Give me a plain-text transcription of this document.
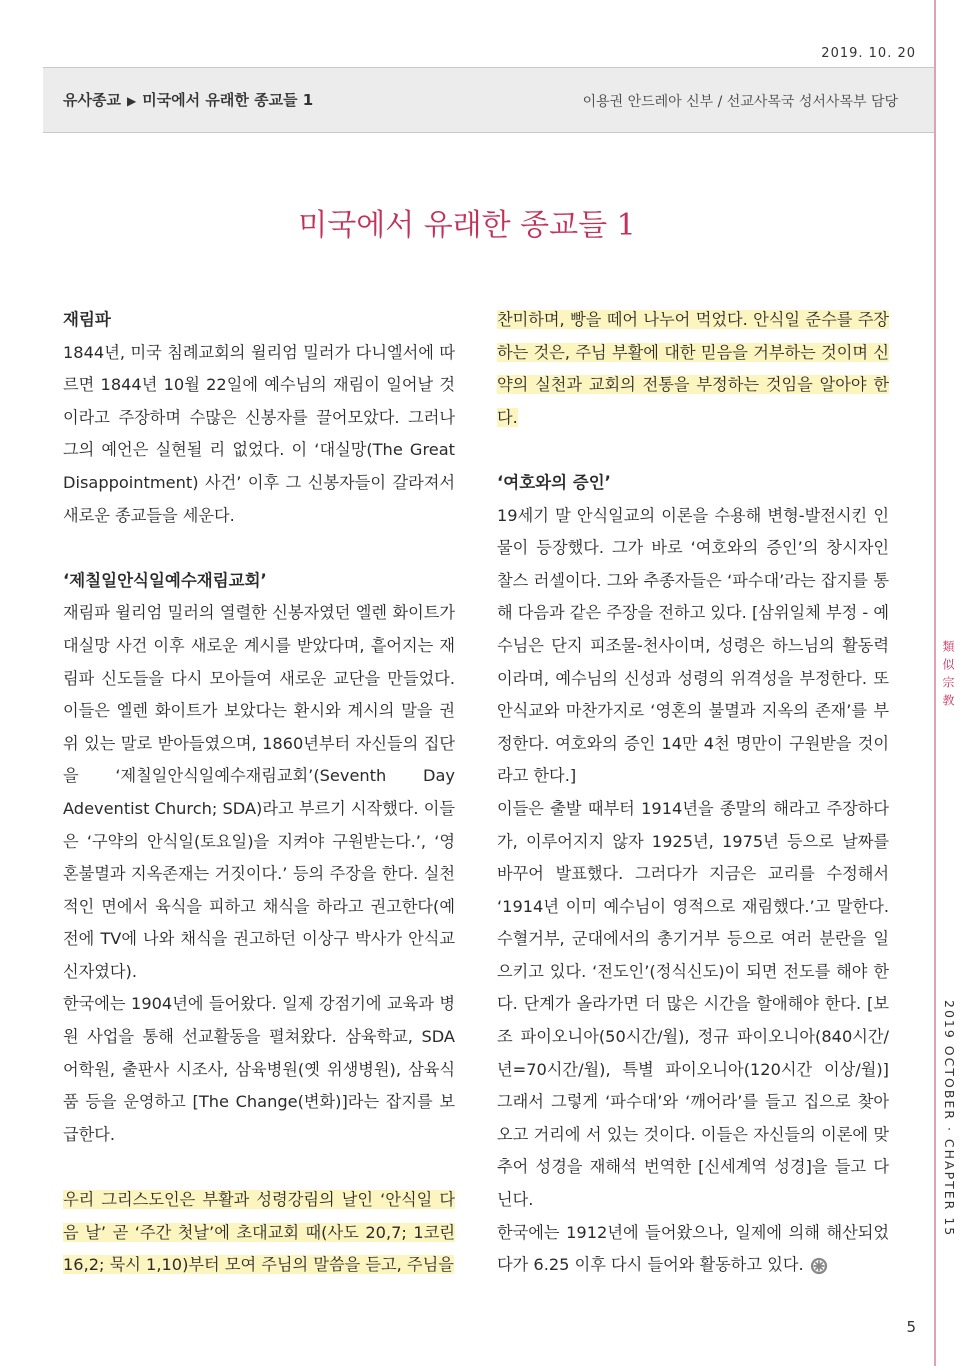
2019. 10. 20
유사종교 ▶ 미국에서 유래한 종교들 1	이용권 안드레아 신부 / 선교사목국 성서사목부 담당
미국에서 유래한 종교들 1
재림파

1844년, 미국 침례교회의 윌리엄 밀러가 다니엘서에 따르면 1844년 10월 22일에 예수님의 재림이 일어날 것이라고 주장하며 수많은 신봉자를 끌어모았다. 그러나 그의 예언은 실현될 리 없었다. 이 ‘대실망(The Great Disappointment) 사건’ 이후 그 신봉자들이 갈라져서 새로운 종교들을 세운다.

‘제칠일안식일예수재림교회’

재림파 윌리엄 밀러의 열렬한 신봉자였던 엘렌 화이트가 대실망 사건 이후 새로운 계시를 받았다며, 흩어지는 재림파 신도들을 다시 모아들여 새로운 교단을 만들었다. 이들은 엘렌 화이트가 보았다는 환시와 계시의 말을 권위 있는 말로 받아들였으며, 1860년부터 자신들의 집단을 ‘제칠일안식일예수재림교회’(Seventh Day Adeventist Church; SDA)라고 부르기 시작했다. 이들은 ‘구약의 안식일(토요일)을 지켜야 구원받는다.’, ‘영혼불멸과 지옥존재는 거짓이다.’ 등의 주장을 한다. 실천적인 면에서 육식을 피하고 채식을 하라고 권고한다(예전에 TV에 나와 채식을 권고하던 이상구 박사가 안식교 신자였다).

한국에는 1904년에 들어왔다. 일제 강점기에 교육과 병원 사업을 통해 선교활동을 펼쳐왔다. 삼육학교, SDA 어학원, 출판사 시조사, 삼육병원(옛 위생병원), 삼육식품 등을 운영하고 [The Change(변화)]라는 잡지를 보급한다.

우리 그리스도인은 부활과 성령강림의 날인 ‘안식일 다음 날’ 곧 ‘주간 첫날’에 초대교회 때(사도 20,7; 1코린 16,2; 묵시 1,10)부터 모여 주님의 말씀을 듣고, 주님을

찬미하며, 빵을 떼어 나누어 먹었다. 안식일 준수를 주장하는 것은, 주님 부활에 대한 믿음을 거부하는 것이며 신약의 실천과 교회의 전통을 부정하는 것임을 알아야 한다.

‘여호와의 증인’

19세기 말 안식일교의 이론을 수용해 변형-발전시킨 인물이 등장했다. 그가 바로 ‘여호와의 증인’의 창시자인 찰스 러셀이다. 그와 추종자들은 ‘파수대’라는 잡지를 통해 다음과 같은 주장을 전하고 있다. [삼위일체 부정 - 예수님은 단지 피조물-천사이며, 성령은 하느님의 활동력이라며, 예수님의 신성과 성령의 위격성을 부정한다. 또 안식교와 마찬가지로 ‘영혼의 불멸과 지옥의 존재’를 부정한다. 여호와의 증인 14만 4천 명만이 구원받을 것이라고 한다.]

이들은 출발 때부터 1914년을 종말의 해라고 주장하다가, 이루어지지 않자 1925년, 1975년 등으로 날짜를 바꾸어 발표했다. 그러다가 지금은 교리를 수정해서 ‘1914년 이미 예수님이 영적으로 재림했다.’고 말한다. 수혈거부, 군대에서의 총기거부 등으로 여러 분란을 일으키고 있다. ‘전도인’(정식신도)이 되면 전도를 해야 한다. 단계가 올라가면 더 많은 시간을 할애해야 한다. [보조 파이오니아(50시간/월), 정규 파이오니아(840시간/년=70시간/월), 특별 파이오니아(120시간 이상/월)] 그래서 그렇게 ‘파수대’와 ‘깨어라’를 들고 집으로 찾아오고 거리에 서 있는 것이다. 이들은 자신들의 이론에 맞추어 성경을 재해석 번역한 [신세계역 성경]을 들고 다닌다.

한국에는 1912년에 들어왔으나, 일제에 의해 해산되었다가 6.25 이후 다시 들어와 활동하고 있다.

類似宗教
2019 OCTOBER · CHAPTER 15
5
